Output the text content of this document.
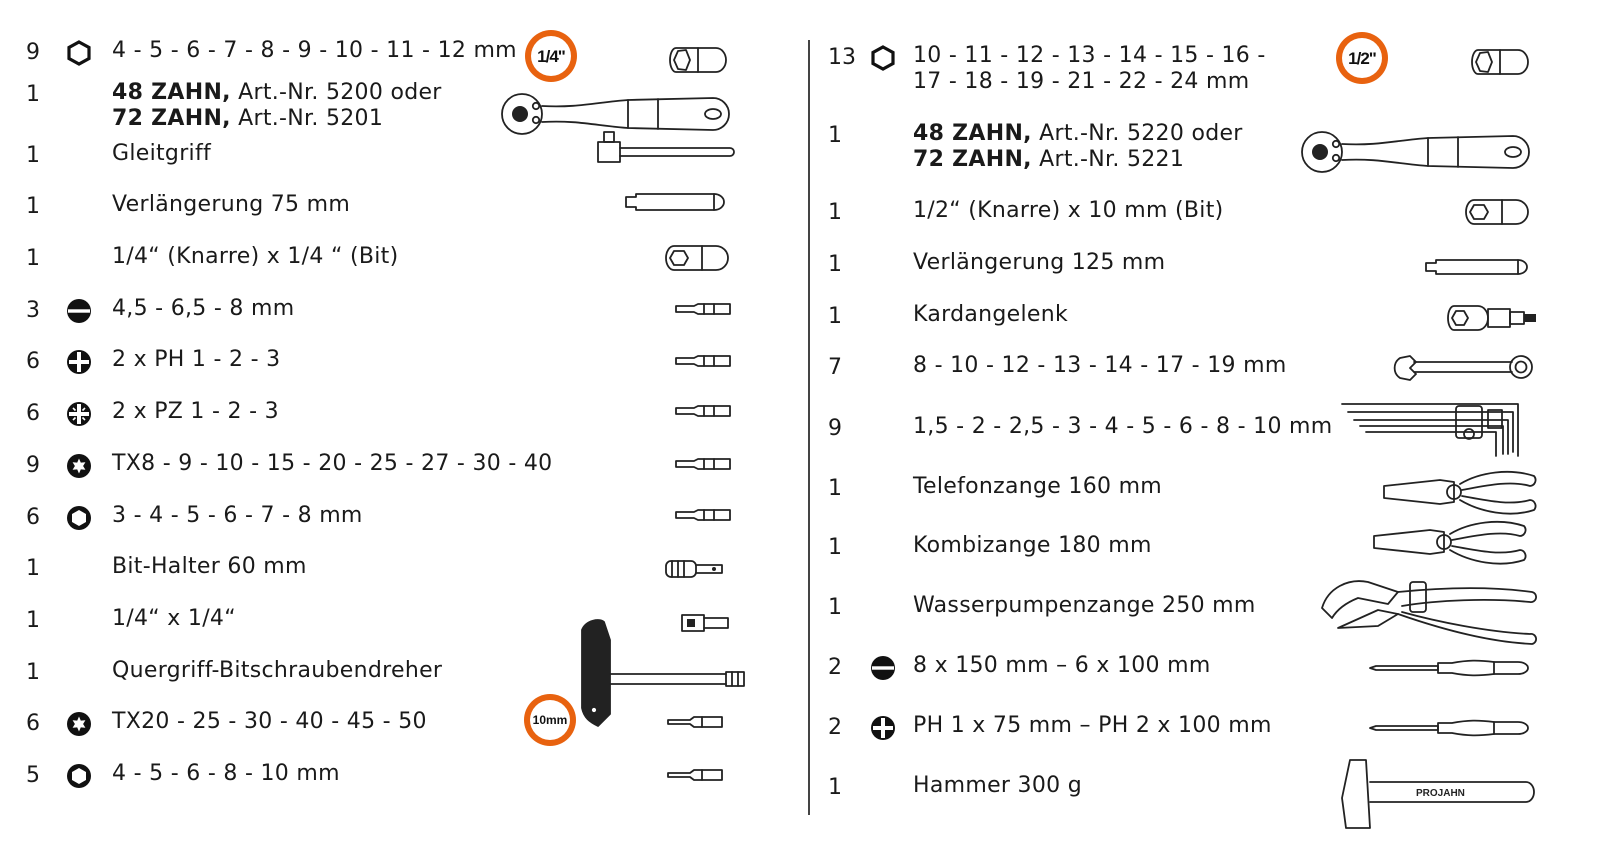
9	4 - 5 - 6 - 7 - 8 - 9 - 10 - 11 - 12 mm
1	48 ZAHN, Art.-Nr. 5200 oder
72 ZAHN, Art.-Nr. 5201
1	Gleitgriff
1	Verlängerung 75 mm
1	1/4“ (Knarre) x 1/4 “ (Bit)
3	4,5 - 6,5 - 8 mm
6	2 x PH 1 - 2 - 3
6	2 x PZ 1 - 2 - 3
9	TX8 - 9 - 10 - 15 - 20 - 25 - 27 - 30 - 40
6	3 - 4 - 5 - 6 - 7 - 8 mm
1	Bit-Halter 60 mm
1	1/4“ x 1/4“
1	Quergriff-Bitschraubendreher
6	TX20 - 25 - 30 - 40 - 45 - 50
5	4 - 5 - 6 - 8 - 10 mm
13	10 - 11 - 12 - 13 - 14 - 15 - 16 -
17 - 18 - 19 - 21 - 22 - 24 mm
1	48 ZAHN, Art.-Nr. 5220 oder
72 ZAHN, Art.-Nr. 5221
1	1/2“ (Knarre) x 10 mm (Bit)
1	Verlängerung 125 mm
1	Kardangelenk
7	8 - 10 - 12 - 13 - 14 - 17 - 19 mm
9	1,5 - 2 - 2,5 - 3 - 4 - 5 - 6 - 8 - 10 mm
1	Telefonzange 160 mm
1	Kombizange 180 mm
1	Wasserpumpenzange 250 mm
2	8 x 150 mm – 6 x 100 mm
2	PH 1 x 75 mm – PH 2 x 100 mm
1	Hammer 300 g
1/4"	1/2"
10 mm
PROJAHN
